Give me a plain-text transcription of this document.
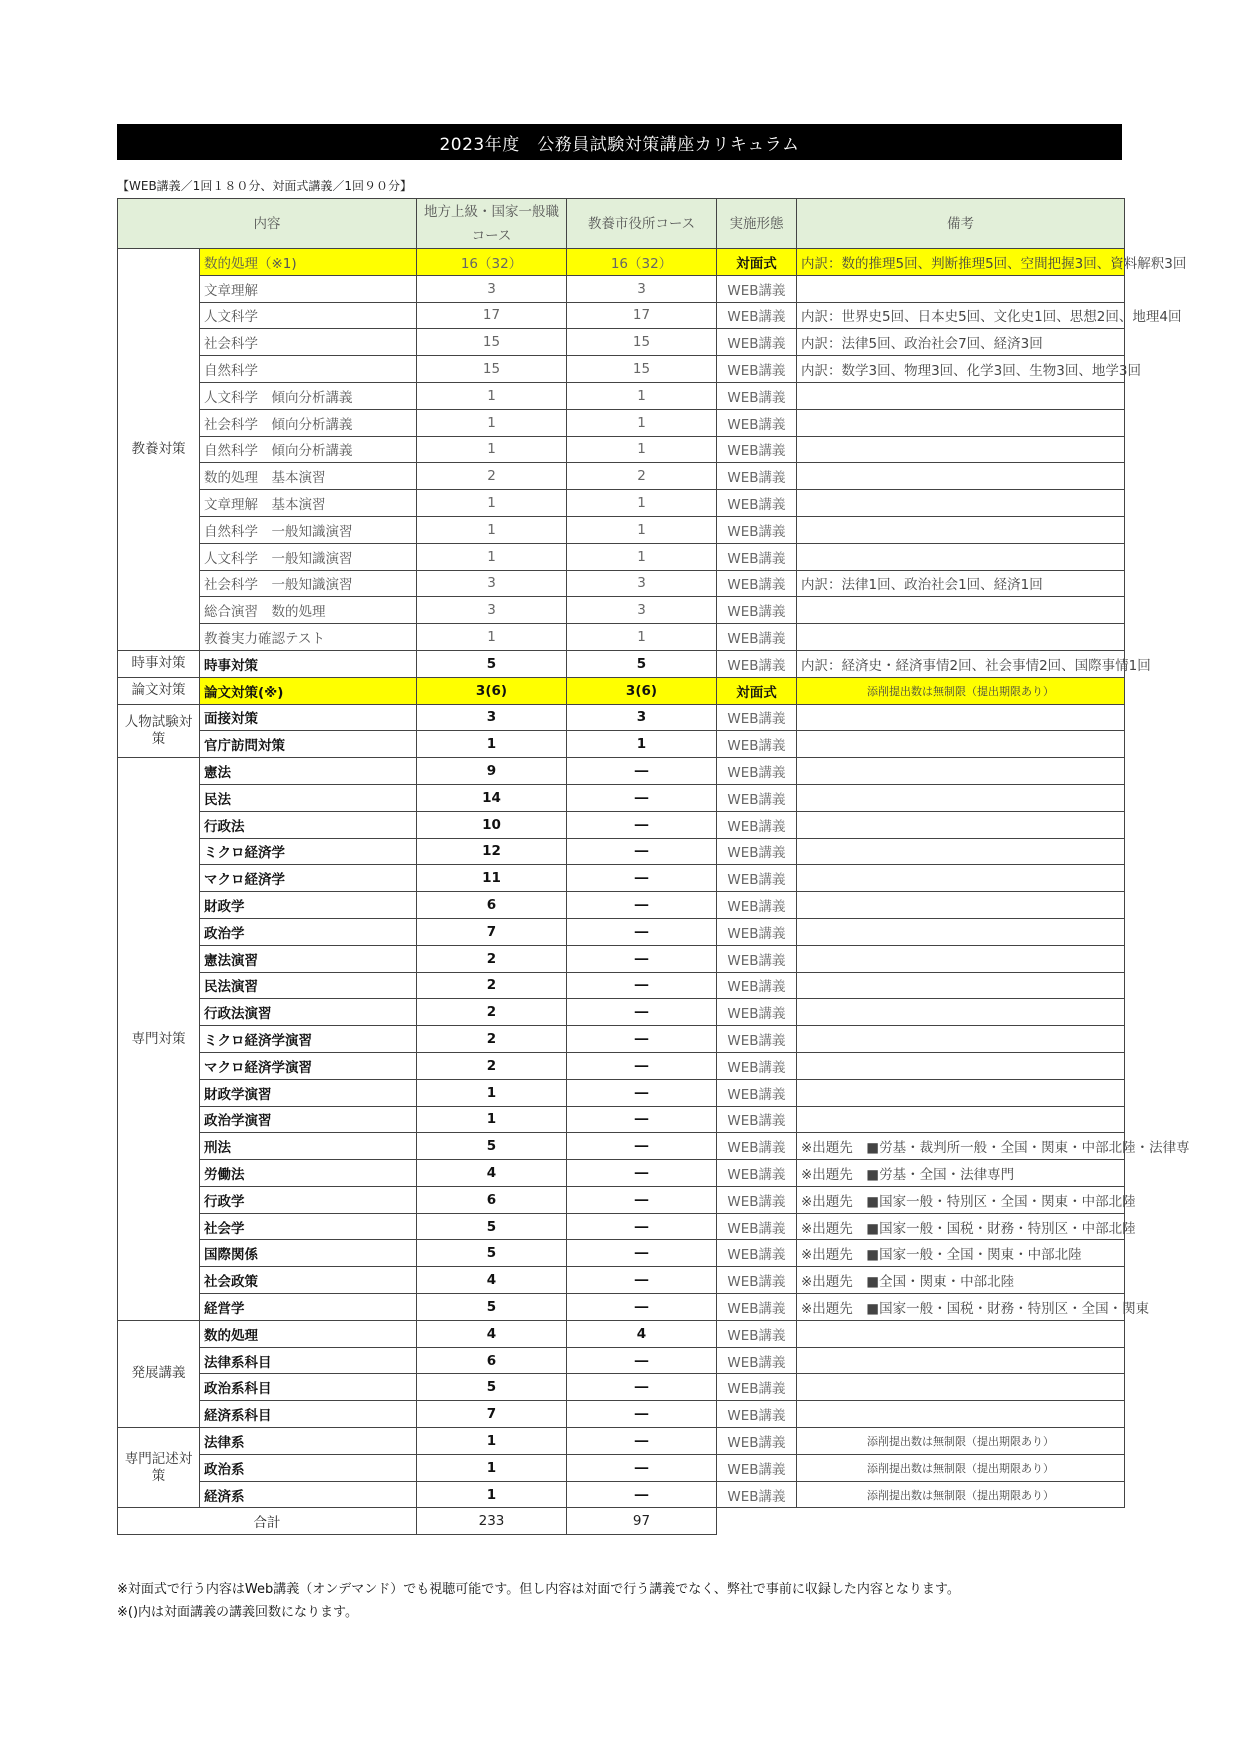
2023年度　公務員試験対策講座カリキュラム
【WEB講義／1回１８０分、対面式講義／1回９０分】
内容		地方上級・国家一般職コース	教養市役所コース	実施形態	備考
教養対策	数的処理（※1)	16（32）	16（32）	対面式	内訳：数的推理5回、判断推理5回、空間把握3回、資料解釈3回
	文章理解	3	3	WEB講義	
	人文科学	17	17	WEB講義	内訳：世界史5回、日本史5回、文化史1回、思想2回、地理4回
	社会科学	15	15	WEB講義	内訳：法律5回、政治社会7回、経済3回
	自然科学	15	15	WEB講義	内訳：数学3回、物理3回、化学3回、生物3回、地学3回
	人文科学　傾向分析講義	1	1	WEB講義	
	社会科学　傾向分析講義	1	1	WEB講義	
	自然科学　傾向分析講義	1	1	WEB講義	
	数的処理　基本演習	2	2	WEB講義	
	文章理解　基本演習	1	1	WEB講義	
	自然科学　一般知識演習	1	1	WEB講義	
	人文科学　一般知識演習	1	1	WEB講義	
	社会科学　一般知識演習	3	3	WEB講義	内訳：法律1回、政治社会1回、経済1回
	総合演習　数的処理	3	3	WEB講義	
	教養実力確認テスト	1	1	WEB講義	
時事対策	時事対策	5	5	WEB講義	内訳：経済史・経済事情2回、社会事情2回、国際事情1回
論文対策	論文対策(※)	3(6)	3(6)	対面式	添削提出数は無制限（提出期限あり）
人物試験対策	面接対策	3	3	WEB講義	
	官庁訪問対策	1	1	WEB講義	
専門対策	憲法	9	―	WEB講義	
	民法	14	―	WEB講義	
	行政法	10	―	WEB講義	
	ミクロ経済学	12	―	WEB講義	
	マクロ経済学	11	―	WEB講義	
	財政学	6	―	WEB講義	
	政治学	7	―	WEB講義	
	憲法演習	2	―	WEB講義	
	民法演習	2	―	WEB講義	
	行政法演習	2	―	WEB講義	
	ミクロ経済学演習	2	―	WEB講義	
	マクロ経済学演習	2	―	WEB講義	
	財政学演習	1	―	WEB講義	
	政治学演習	1	―	WEB講義	
	刑法	5	―	WEB講義	※出題先　■労基・裁判所一般・全国・関東・中部北陸・法律専
	労働法	4	―	WEB講義	※出題先　■労基・全国・法律専門
	行政学	6	―	WEB講義	※出題先　■国家一般・特別区・全国・関東・中部北陸
	社会学	5	―	WEB講義	※出題先　■国家一般・国税・財務・特別区・中部北陸
	国際関係	5	―	WEB講義	※出題先　■国家一般・全国・関東・中部北陸
	社会政策	4	―	WEB講義	※出題先　■全国・関東・中部北陸
	経営学	5	―	WEB講義	※出題先　■国家一般・国税・財務・特別区・全国・関東
発展講義	数的処理	4	4	WEB講義	
	法律系科目	6	―	WEB講義	
	政治系科目	5	―	WEB講義	
	経済系科目	7	―	WEB講義	
専門記述対策	法律系	1	―	WEB講義	添削提出数は無制限（提出期限あり）
	政治系	1	―	WEB講義	添削提出数は無制限（提出期限あり）
	経済系	1	―	WEB講義	添削提出数は無制限（提出期限あり）
合計		233	97		
※対面式で行う内容はWeb講義（オンデマンド）でも視聴可能です。但し内容は対面で行う講義でなく、弊社で事前に収録した内容となります。
※()内は対面講義の講義回数になります。
